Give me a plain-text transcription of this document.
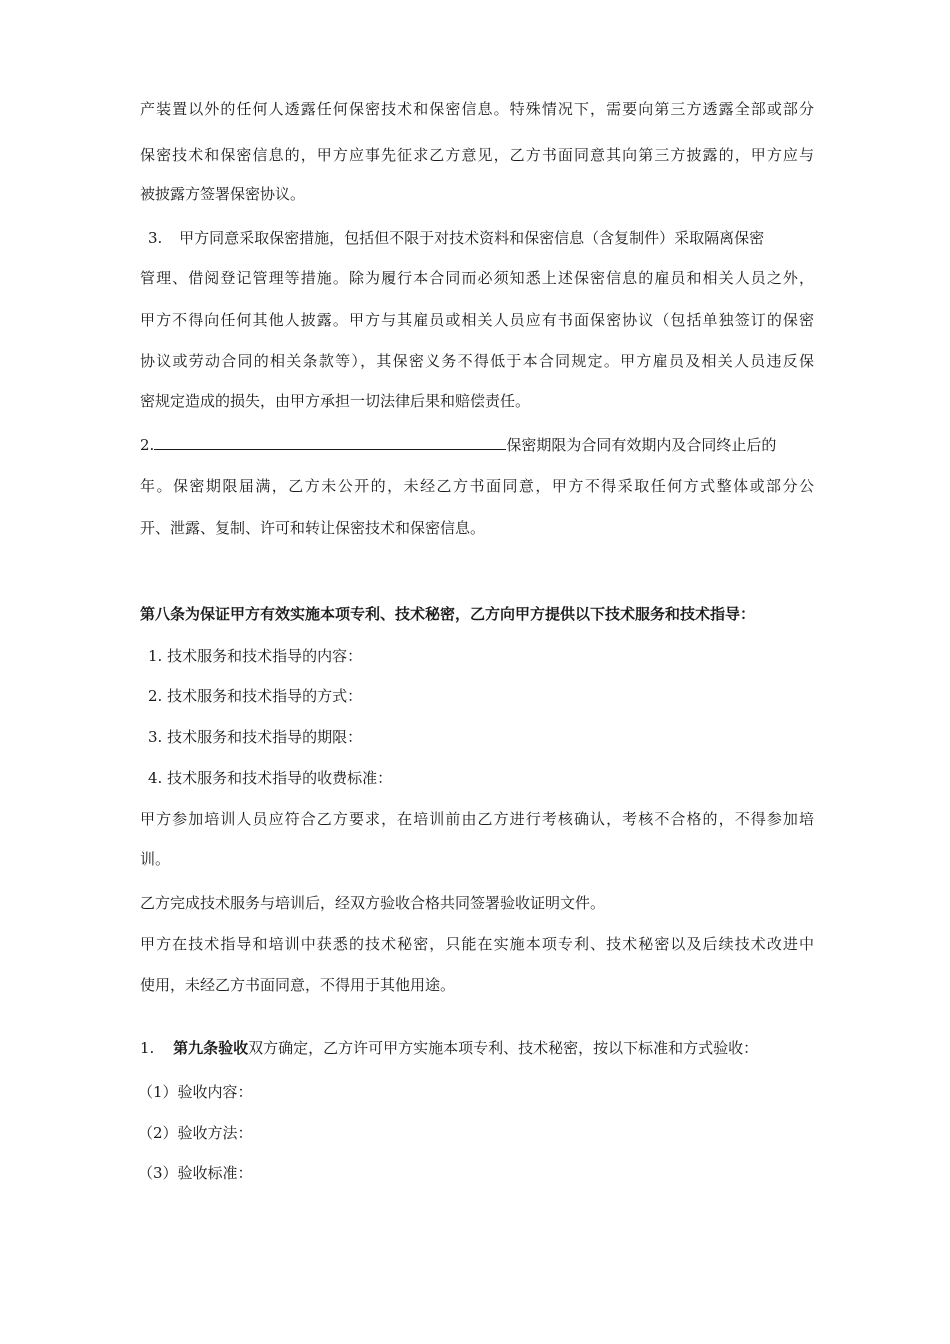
产装置以外的任何人透露任何保密技术和保密信息。特殊情况下，需要向第三方透露全部或部分
保密技术和保密信息的，甲方应事先征求乙方意见，乙方书面同意其向第三方披露的，甲方应与
被披露方签署保密协议。
3. 甲方同意采取保密措施，包括但不限于对技术资料和保密信息（含复制件）采取隔离保密
管理、借阅登记管理等措施。除为履行本合同而必须知悉上述保密信息的雇员和相关人员之外，
甲方不得向任何其他人披露。甲方与其雇员或相关人员应有书面保密协议（包括单独签订的保密
协议或劳动合同的相关条款等），其保密义务不得低于本合同规定。甲方雇员及相关人员违反保
密规定造成的损失，由甲方承担一切法律后果和赔偿责任。
2.	保密期限为合同有效期内及合同终止后的
年。保密期限届满，乙方未公开的，未经乙方书面同意，甲方不得采取任何方式整体或部分公
开、泄露、复制、许可和转让保密技术和保密信息。
第八条为保证甲方有效实施本项专利、技术秘密，乙方向甲方提供以下技术服务和技术指导：
1. 技术服务和技术指导的内容：
2. 技术服务和技术指导的方式：
3. 技术服务和技术指导的期限：
4. 技术服务和技术指导的收费标准：
甲方参加培训人员应符合乙方要求，在培训前由乙方进行考核确认，考核不合格的，不得参加培
训。
乙方完成技术服务与培训后，经双方验收合格共同签署验收证明文件。
甲方在技术指导和培训中获悉的技术秘密，只能在实施本项专利、技术秘密以及后续技术改进中
使用，未经乙方书面同意，不得用于其他用途。
1. 第九条验收双方确定，乙方许可甲方实施本项专利、技术秘密，按以下标准和方式验收：
（1）验收内容：
（2）验收方法：
（3）验收标准：
